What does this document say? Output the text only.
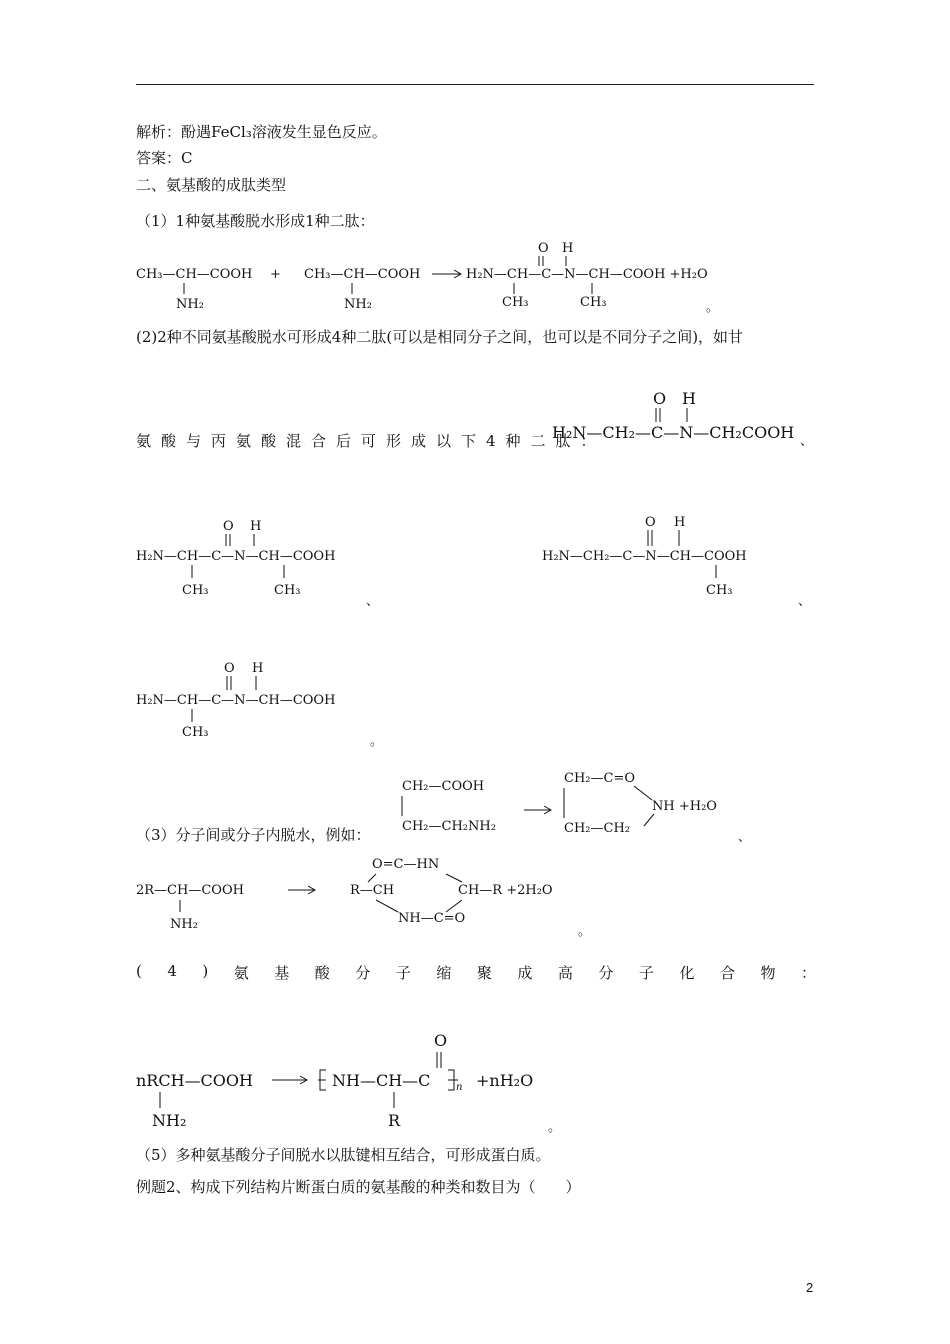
解析：酚遇FeCl₃溶液发生显色反应。
答案：C
二、氨基酸的成肽类型
（1）1种氨基酸脱水形成1种二肽：
CH₃—CH—COOH
NH₂
+ CH₃—CH—COOH
NH₂
H₂N—CH—C—N—CH—COOH +H₂O
O H
CH₃	CH₃	。
(2)2种不同氨基酸脱水可形成4种二肽(可以是相同分子之间，也可以是不同分子之间)，如甘
氨酸与丙氨酸混合后可形成以下4种二肽：
H₂N—CH₂—C—N—CH₂COOH
O H
、
H₂N—CH—C—N—CH—COOH
O H
CH₃	CH₃
、
H₂N—CH₂—C—N—CH—COOH
O H
CH₃
、
H₂N—CH—C—N—CH—COOH
O H
CH₃
。
CH₂—COOH
CH₂—CH₂NH₂
CH₂—C=O
NH +H₂O
CH₂—CH₂
（3）分子间或分子内脱水，例如：	、
2R—CH—COOH
NH₂
O=C—HN
R—CH	CH—R +2H₂O
NH—C=O
。
( 4 ) 氨 基 酸 分 子 缩 聚 成 高 分 子 化 合 物 ：
nRCH—COOH
NH₂
NH—CH—C
O
R
n +nH₂O
。
（5）多种氨基酸分子间脱水以肽键相互结合，可形成蛋白质。
例题2、构成下列结构片断蛋白质的氨基酸的种类和数目为（　　）
2
